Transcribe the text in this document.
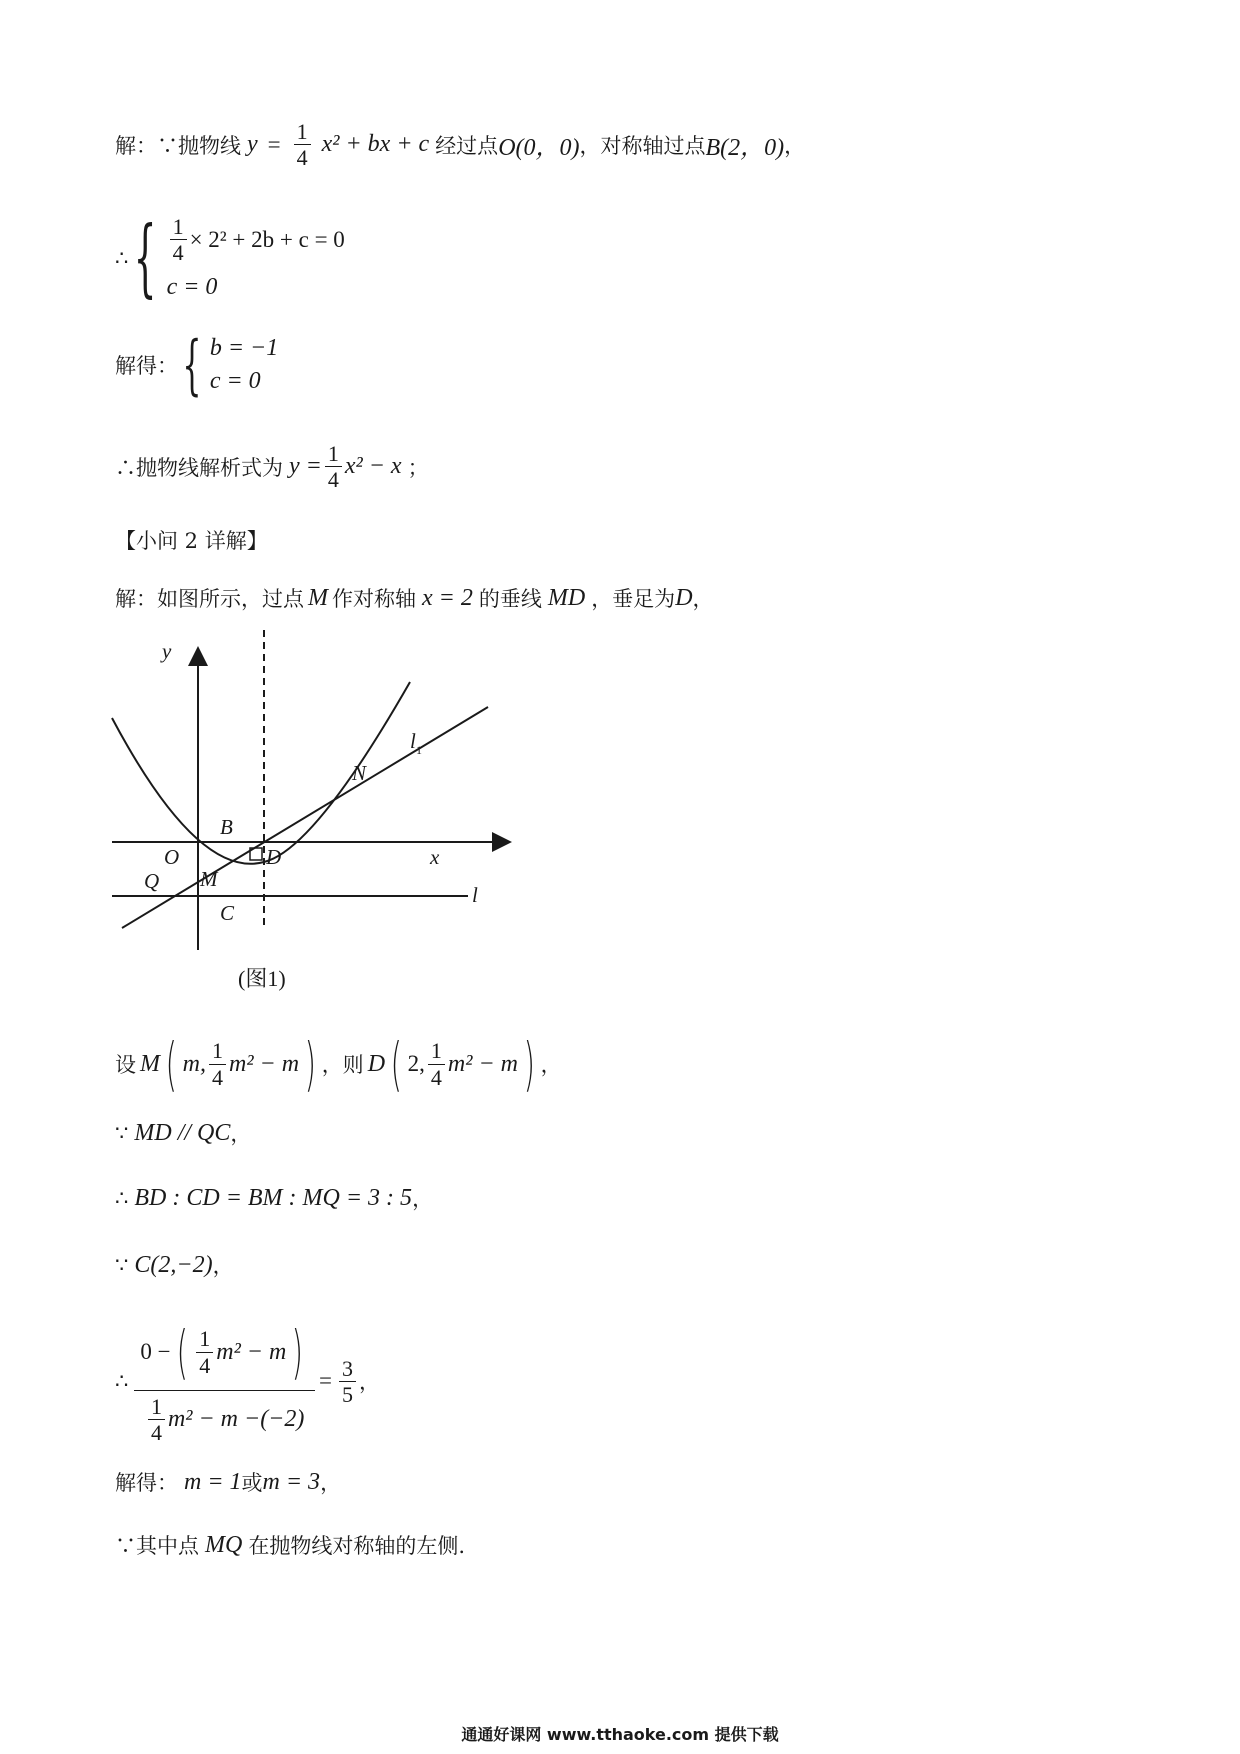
解：∵抛物线 $y = \frac{1}{4} x^2$ + bx + c 经过点 O(0，0) ，对称轴过点 B(2，0) ，
∴ { $\frac{1}{4} \times 2^2 + 2b + c = 0$
c = 0
解得： { b = −1
c = 0
∴抛物线解析式为 $y = \frac{1}{4} x^2 - x$ ；
【小问 2 详解】
解：如图所示，过点 M 作对称轴 x = 2 的垂线 MD ，垂足为 D ，
y
x
O
B
D
Q M
C
N
l 1
l
(图1)
设 M ( m, $\frac{1}{4} m^2 - m$ ) ，则 D ( 2, $\frac{1}{4} m^2 - m$ ) ，
∵ MD // QC ，
∴ BD : CD = BM : MQ = 3 : 5 ，
∵ C(2,−2) ，
∴ $\frac{0 - ( \frac{1}{4} m^2 - m )}{\frac{1}{4} m^2 - m -(-2)} = \frac{3}{5}$ ，
解得： m = 1 或 m = 3 ，
∵其中点 MQ 在抛物线对称轴的左侧.
通通好课网 www.tthaoke.com 提供下载
